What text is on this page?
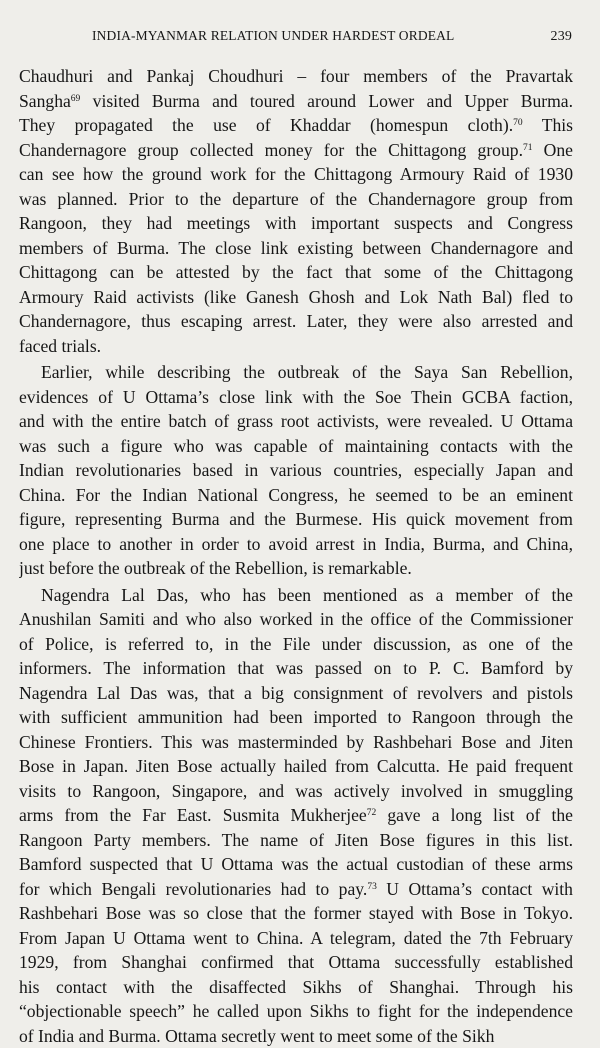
INDIA-MYANMAR RELATION UNDER HARDEST ORDEAL	239
Chaudhuri and Pankaj Choudhuri – four members of the Pravartak
Sangha$^{69}$ visited Burma and toured around Lower and Upper Burma.
They propagated the use of Khaddar (homespun cloth).$^{70}$ This
Chandernagore group collected money for the Chittagong group.$^{71}$ One
can see how the ground work for the Chittagong Armoury Raid of 1930
was planned. Prior to the departure of the Chandernagore group from
Rangoon, they had meetings with important suspects and Congress
members of Burma. The close link existing between Chandernagore and
Chittagong can be attested by the fact that some of the Chittagong
Armoury Raid activists (like Ganesh Ghosh and Lok Nath Bal) fled to
Chandernagore, thus escaping arrest. Later, they were also arrested and
faced trials.
Earlier, while describing the outbreak of the Saya San Rebellion,
evidences of U Ottama’s close link with the Soe Thein GCBA faction,
and with the entire batch of grass root activists, were revealed. U Ottama
was such a figure who was capable of maintaining contacts with the
Indian revolutionaries based in various countries, especially Japan and
China. For the Indian National Congress, he seemed to be an eminent
figure, representing Burma and the Burmese. His quick movement from
one place to another in order to avoid arrest in India, Burma, and China,
just before the outbreak of the Rebellion, is remarkable.
Nagendra Lal Das, who has been mentioned as a member of the
Anushilan Samiti and who also worked in the office of the Commissioner
of Police, is referred to, in the File under discussion, as one of the
informers. The information that was passed on to P. C. Bamford by
Nagendra Lal Das was, that a big consignment of revolvers and pistols
with sufficient ammunition had been imported to Rangoon through the
Chinese Frontiers. This was masterminded by Rashbehari Bose and Jiten
Bose in Japan. Jiten Bose actually hailed from Calcutta. He paid frequent
visits to Rangoon, Singapore, and was actively involved in smuggling
arms from the Far East. Susmita Mukherjee$^{72}$ gave a long list of the
Rangoon Party members. The name of Jiten Bose figures in this list.
Bamford suspected that U Ottama was the actual custodian of these arms
for which Bengali revolutionaries had to pay.$^{73}$ U Ottama’s contact with
Rashbehari Bose was so close that the former stayed with Bose in Tokyo.
From Japan U Ottama went to China. A telegram, dated the 7th February
1929, from Shanghai confirmed that Ottama successfully established
his contact with the disaffected Sikhs of Shanghai. Through his
“objectionable speech” he called upon Sikhs to fight for the independence
of India and Burma. Ottama secretly went to meet some of the Sikh
